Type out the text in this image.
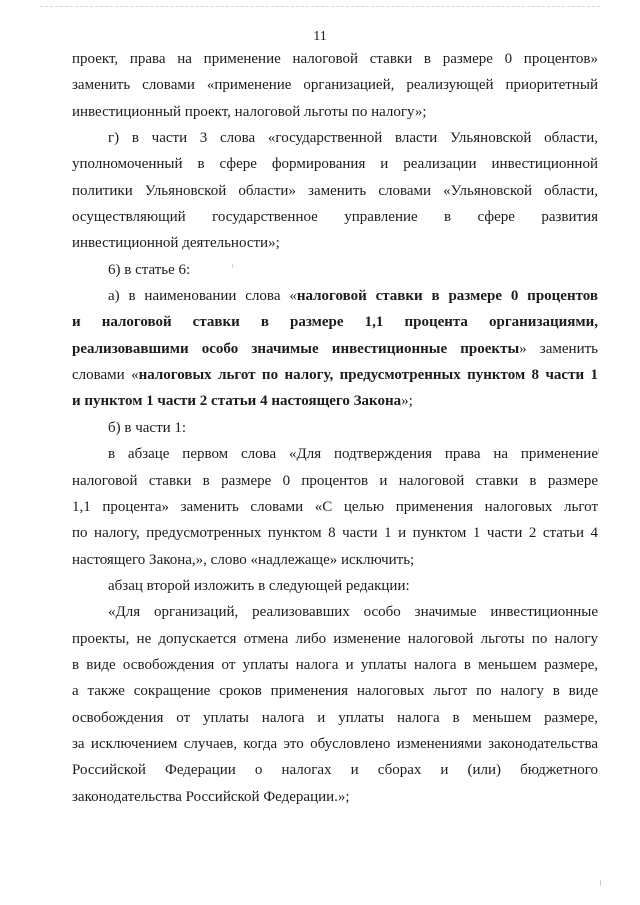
11
проект, права на применение налоговой ставки в размере 0 процентов»
заменить словами «применение организацией, реализующей приоритетный
инвестиционный проект, налоговой льготы по налогу»;
г) в части 3 слова «государственной власти Ульяновской области,
уполномоченный в сфере формирования и реализации инвестиционной
политики Ульяновской области» заменить словами «Ульяновской области,
осуществляющий государственное управление в сфере развития
инвестиционной деятельности»;
6) в статье 6:
а) в наименовании слова «налоговой ставки в размере 0 процентов
и налоговой ставки в размере 1,1 процента организациями,
реализовавшими особо значимые инвестиционные проекты» заменить
словами «налоговых льгот по налогу, предусмотренных пунктом 8 части 1
и пунктом 1 части 2 статьи 4 настоящего Закона»;
б) в части 1:
в абзаце первом слова «Для подтверждения права на применение
налоговой ставки в размере 0 процентов и налоговой ставки в размере
1,1 процента» заменить словами «С целью применения налоговых льгот
по налогу, предусмотренных пунктом 8 части 1 и пунктом 1 части 2 статьи 4
настоящего Закона,», слово «надлежаще» исключить;
абзац второй изложить в следующей редакции:
«Для организаций, реализовавших особо значимые инвестиционные
проекты, не допускается отмена либо изменение налоговой льготы по налогу
в виде освобождения от уплаты налога и уплаты налога в меньшем размере,
а также сокращение сроков применения налоговых льгот по налогу в виде
освобождения от уплаты налога и уплаты налога в меньшем размере,
за исключением случаев, когда это обусловлено изменениями законодательства
Российской Федерации о налогах и сборах и (или) бюджетного
законодательства Российской Федерации.»;
